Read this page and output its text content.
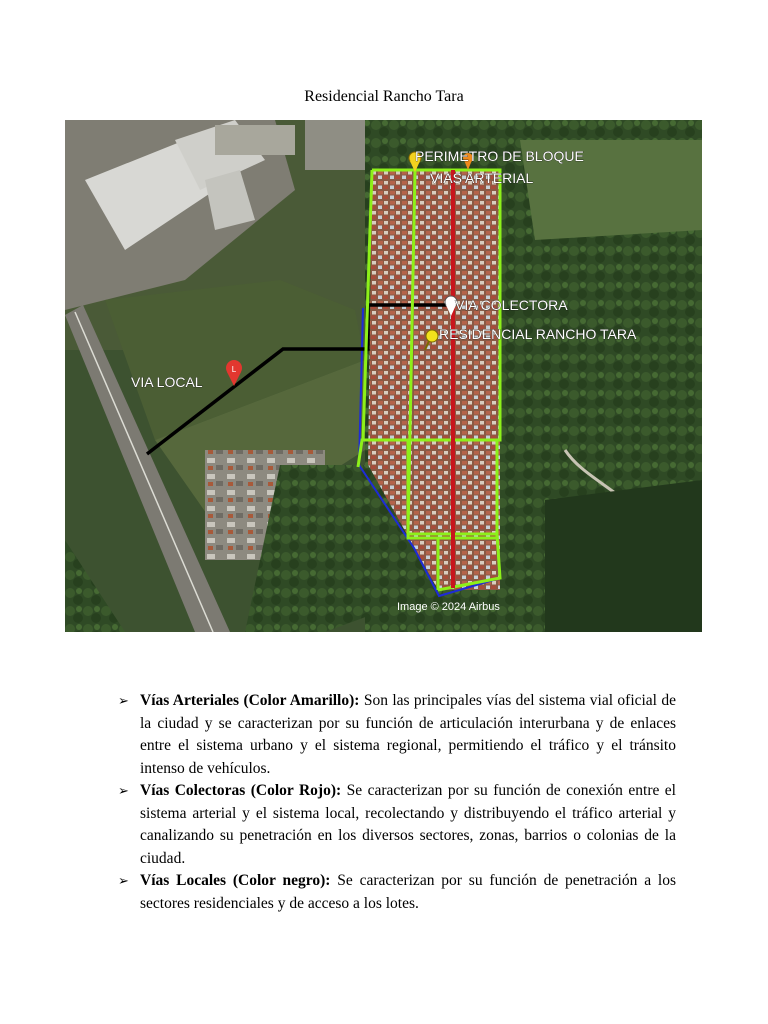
Residencial Rancho Tara
L
PERIMETRO DE BLOQUE
VIAS ARTERIAL
VIA COLECTORA
RESIDENCIAL RANCHO TARA
VIA LOCAL
Image © 2024 Airbus
➢ Vías Arteriales (Color Amarillo): Son las principales vías del sistema vial oficial de la ciudad y se caracterizan por su función de articulación interurbana y de enlaces entre el sistema urbano y el sistema regional, permitiendo el tráfico y el tránsito intenso de vehículos.
➢ Vías Colectoras (Color Rojo): Se caracterizan por su función de conexión entre el sistema arterial y el sistema local, recolectando y distribuyendo el tráfico arterial y canalizando su penetración en los diversos sectores, zonas, barrios o colonias de la ciudad.
➢ Vías Locales (Color negro): Se caracterizan por su función de penetración a los sectores residenciales y de acceso a los lotes.
